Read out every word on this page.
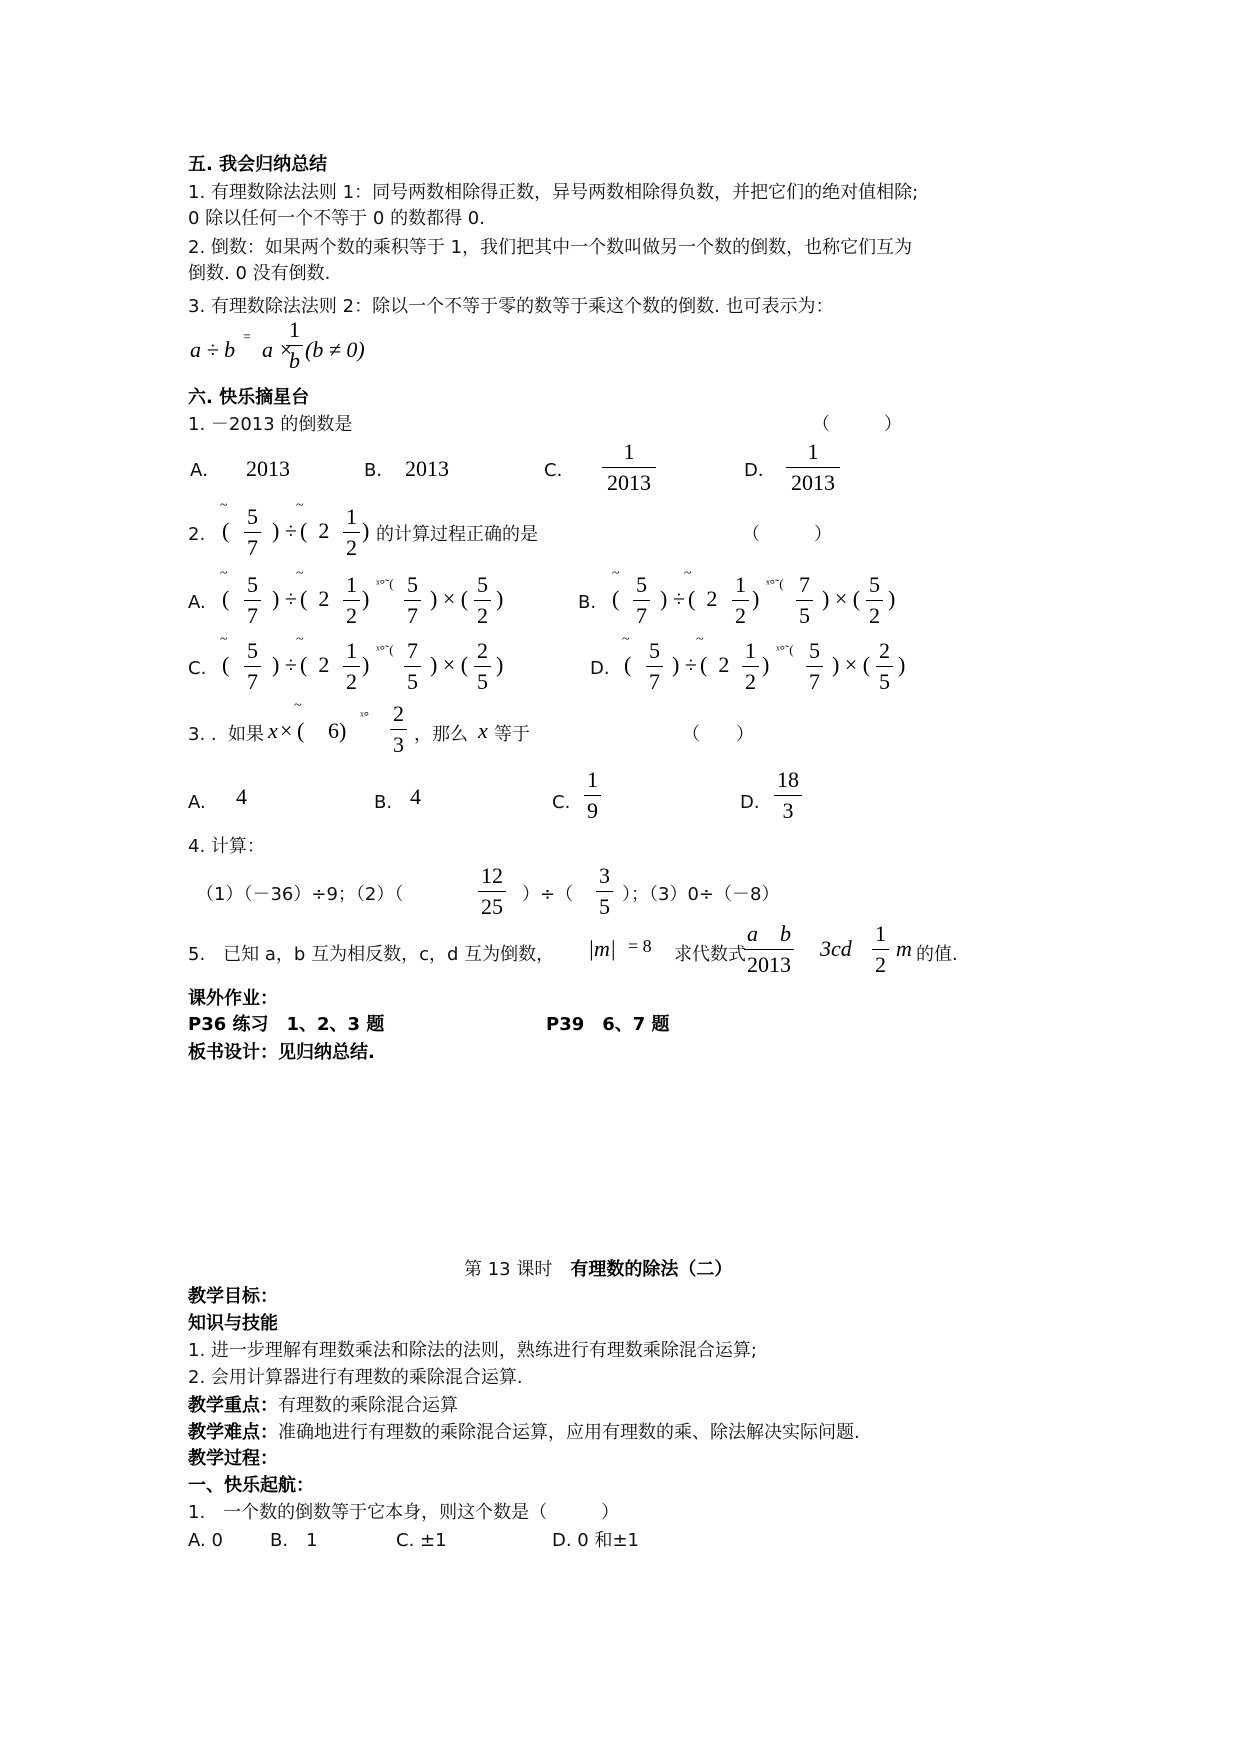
五. 我会归纳总结
1. 有理数除法法则 1：同号两数相除得正数，异号两数相除得负数，并把它们的绝对值相除;
0 除以任何一个不等于 0 的数都得 0.
2. 倒数：如果两个数的乘积等于 1，我们把其中一个数叫做另一个数的倒数，也称它们互为
倒数. 0 没有倒数.
3. 有理数除法法则 2：除以一个不等于零的数等于乘这个数的倒数. 也可表示为：
a ÷ b = a ×
1
b (b ≠ 0)
六. 快乐摘星台
1. －2013 的倒数是	（　　　）
A． 2013	B． 2013	C．
1
2013	D．
1
2013
2.
~
(
5
7
) ÷
~
(  2
1
2
) 的计算过程正确的是	（　　　）
A.
~
(
5
7
) ÷
~
(  2
1
2
)
ˣ°˜( 5
7
) × (
5
2
)	B.
~
(
5
7
) ÷
~
(  2
1
2
)
ˣ°˜( 7
5
) × (
5
2
)
C.
~
(
5
7
) ÷
~
(  2
1
2
)
ˣ°˜( 7
5
) × (
2
5
)	D.
~
(
5
7
) ÷
~
(  2
1
2
)
ˣ°˜( 5
7
) × (
2
5
)
3. . 如果 x ×
~
( 6)
ˣ° 2
3 ，那么 x 等于	（　　）
A. 4	B. 4	C.
1
9	D.
18
3
4. 计算：
（1）（－36）÷9；（2）（
12
25 ）÷（
3
5 ）；（3）0÷（－8）
5.　已知 a，b 互为相反数，c，d 互为倒数， |m| = 8 求代数式
a　b
2013
3cd
1
2
m 的值.
课外作业：
P36 练习　1、2、3 题	P39　6、7 题
板书设计：见归纳总结.
第 13 课时　有理数的除法（二）
教学目标：
知识与技能
1. 进一步理解有理数乘法和除法的法则，熟练进行有理数乘除混合运算;
2. 会用计算器进行有理数的乘除混合运算.
教学重点：有理数的乘除混合运算
教学难点：准确地进行有理数的乘除混合运算，应用有理数的乘、除法解决实际问题.
教学过程：
一、快乐起航：
1.　一个数的倒数等于它本身，则这个数是（　　　）
A. 0	B.　1	C. ±1	D. 0 和±1
